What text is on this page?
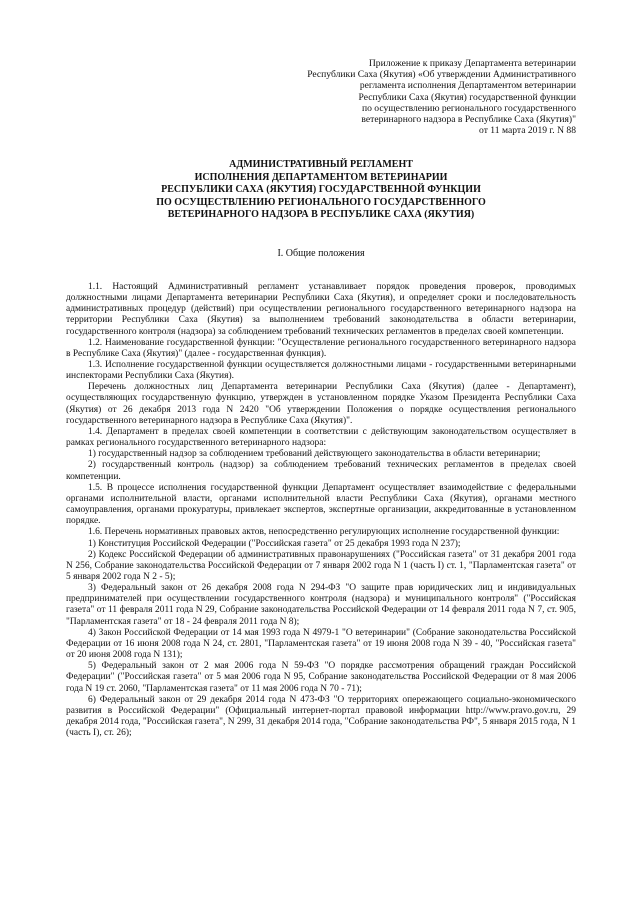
Приложение к приказу Департамента ветеринарии
Республики Саха (Якутия) «Об утверждении Административного
регламента исполнения Департаментом ветеринарии
Республики Саха (Якутия) государственной функции
по осуществлению регионального государственного
ветеринарного надзора в Республике Саха (Якутия)"
от 11 марта 2019 г. N 88
АДМИНИСТРАТИВНЫЙ РЕГЛАМЕНТ
ИСПОЛНЕНИЯ ДЕПАРТАМЕНТОМ ВЕТЕРИНАРИИ
РЕСПУБЛИКИ САХА (ЯКУТИЯ) ГОСУДАРСТВЕННОЙ ФУНКЦИИ
ПО ОСУЩЕСТВЛЕНИЮ РЕГИОНАЛЬНОГО ГОСУДАРСТВЕННОГО
ВЕТЕРИНАРНОГО НАДЗОРА В РЕСПУБЛИКЕ САХА (ЯКУТИЯ)
I. Общие положения

1.1. Настоящий Административный регламент устанавливает порядок проведения проверок, проводимых должностными лицами Департамента ветеринарии Республики Саха (Якутия), и определяет сроки и последовательность административных процедур (действий) при осуществлении регионального государственного ветеринарного надзора на территории Республики Саха (Якутия) за выполнением требований законодательства в области ветеринарии, государственного контроля (надзора) за соблюдением требований технических регламентов в пределах своей компетенции.

1.2. Наименование государственной функции: "Осуществление регионального государственного ветеринарного надзора в Республике Саха (Якутия)" (далее - государственная функция).

1.3. Исполнение государственной функции осуществляется должностными лицами - государственными ветеринарными инспекторами Республики Саха (Якутия).

Перечень должностных лиц Департамента ветеринарии Республики Саха (Якутия) (далее - Департамент), осуществляющих государственную функцию, утвержден в установленном порядке Указом Президента Республики Саха (Якутия) от 26 декабря 2013 года N 2420 "Об утверждении Положения о порядке осуществления регионального государственного ветеринарного надзора в Республике Саха (Якутия)".

1.4. Департамент в пределах своей компетенции в соответствии с действующим законодательством осуществляет в рамках регионального государственного ветеринарного надзора:

1) государственный надзор за соблюдением требований действующего законодательства в области ветеринарии;

2) государственный контроль (надзор) за соблюдением требований технических регламентов в пределах своей компетенции.

1.5. В процессе исполнения государственной функции Департамент осуществляет взаимодействие с федеральными органами исполнительной власти, органами исполнительной власти Республики Саха (Якутия), органами местного самоуправления, органами прокуратуры, привлекает экспертов, экспертные организации, аккредитованные в установленном порядке.

1.6. Перечень нормативных правовых актов, непосредственно регулирующих исполнение государственной функции:

1) Конституция Российской Федерации ("Российская газета" от 25 декабря 1993 года N 237);

2) Кодекс Российской Федерации об административных правонарушениях ("Российская газета" от 31 декабря 2001 года N 256, Собрание законодательства Российской Федерации от 7 января 2002 года N 1 (часть I) ст. 1, "Парламентская газета" от 5 января 2002 года N 2 - 5);

3) Федеральный закон от 26 декабря 2008 года N 294-ФЗ "О защите прав юридических лиц и индивидуальных предпринимателей при осуществлении государственного контроля (надзора) и муниципального контроля" ("Российская газета" от 11 февраля 2011 года N 29, Собрание законодательства Российской Федерации от 14 февраля 2011 года N 7, ст. 905, "Парламентская газета" от 18 - 24 февраля 2011 года N 8);

4) Закон Российской Федерации от 14 мая 1993 года N 4979-1 "О ветеринарии" (Собрание законодательства Российской Федерации от 16 июня 2008 года N 24, ст. 2801, "Парламентская газета" от 19 июня 2008 года N 39 - 40, "Российская газета" от 20 июня 2008 года N 131);

5) Федеральный закон от 2 мая 2006 года N 59-ФЗ "О порядке рассмотрения обращений граждан Российской Федерации" ("Российская газета" от 5 мая 2006 года N 95, Собрание законодательства Российской Федерации от 8 мая 2006 года N 19 ст. 2060, "Парламентская газета" от 11 мая 2006 года N 70 - 71);

6) Федеральный закон от 29 декабря 2014 года N 473-ФЗ "О территориях опережающего социально-экономического развития в Российской Федерации" (Официальный интернет-портал правовой информации http://www.pravo.gov.ru, 29 декабря 2014 года, "Российская газета", N 299, 31 декабря 2014 года, "Собрание законодательства РФ", 5 января 2015 года, N 1 (часть I), ст. 26);
